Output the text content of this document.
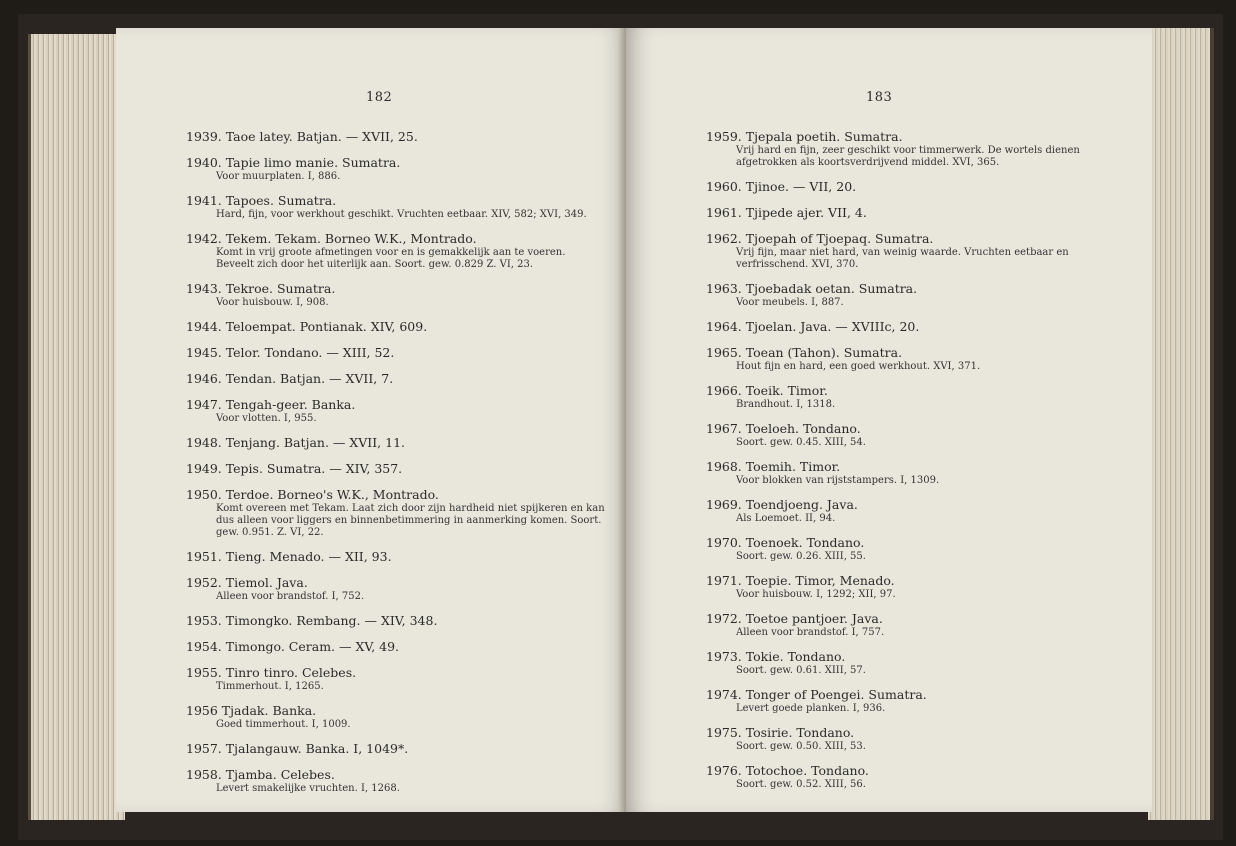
182
1939. Taoe latey. Batjan. — XVII, 25.
1940. Tapie limo manie. Sumatra.
Voor muurplaten. I, 886.
1941. Tapoes. Sumatra.
Hard, fijn, voor werkhout geschikt. Vruchten eetbaar. XIV, 582; XVI, 349.
1942. Tekem. Tekam. Borneo W.K., Montrado.
Komt in vrij groote afmetingen voor en is gemakkelijk aan te voeren. Beveelt zich door het uiterlijk aan. Soort. gew. 0.829 Z. VI, 23.
1943. Tekroe. Sumatra.
Voor huisbouw. I, 908.
1944. Teloempat. Pontianak. XIV, 609.
1945. Telor. Tondano. — XIII, 52.
1946. Tendan. Batjan. — XVII, 7.
1947. Tengah-geer. Banka.
Voor vlotten. I, 955.
1948. Tenjang. Batjan. — XVII, 11.
1949. Tepis. Sumatra. — XIV, 357.
1950. Terdoe. Borneo's W.K., Montrado.
Komt overeen met Tekam. Laat zich door zijn hardheid niet spijkeren en kan dus alleen voor liggers en binnenbetimmering in aanmerking komen. Soort. gew. 0.951. Z. VI, 22.
1951. Tieng. Menado. — XII, 93.
1952. Tiemol. Java.
Alleen voor brandstof. I, 752.
1953. Timongko. Rembang. — XIV, 348.
1954. Timongo. Ceram. — XV, 49.
1955. Tinro tinro. Celebes.
Timmerhout. I, 1265.
1956 Tjadak. Banka.
Goed timmerhout. I, 1009.
1957. Tjalangauw. Banka. I, 1049*.
1958. Tjamba. Celebes.
Levert smakelijke vruchten. I, 1268.
183
1959. Tjepala poetih. Sumatra.
Vrij hard en fijn, zeer geschikt voor timmerwerk. De wortels dienen afgetrokken als koortsverdrijvend middel. XVI, 365.
1960. Tjinoe. — VII, 20.
1961. Tjipede ajer. VII, 4.
1962. Tjoepah of Tjoepaq. Sumatra.
Vrij fijn, maar niet hard, van weinig waarde. Vruchten eetbaar en verfrisschend. XVI, 370.
1963. Tjoebadak oetan. Sumatra.
Voor meubels. I, 887.
1964. Tjoelan. Java. — XVIIIc, 20.
1965. Toean (Tahon). Sumatra.
Hout fijn en hard, een goed werkhout. XVI, 371.
1966. Toeik. Timor.
Brandhout. I, 1318.
1967. Toeloeh. Tondano.
Soort. gew. 0.45. XIII, 54.
1968. Toemih. Timor.
Voor blokken van rijststampers. I, 1309.
1969. Toendjoeng. Java.
Als Loemoet. II, 94.
1970. Toenoek. Tondano.
Soort. gew. 0.26. XIII, 55.
1971. Toepie. Timor, Menado.
Voor huisbouw. I, 1292; XII, 97.
1972. Toetoe pantjoer. Java.
Alleen voor brandstof. I, 757.
1973. Tokie. Tondano.
Soort. gew. 0.61. XIII, 57.
1974. Tonger of Poengei. Sumatra.
Levert goede planken. I, 936.
1975. Tosirie. Tondano.
Soort. gew. 0.50. XIII, 53.
1976. Totochoe. Tondano.
Soort. gew. 0.52. XIII, 56.
